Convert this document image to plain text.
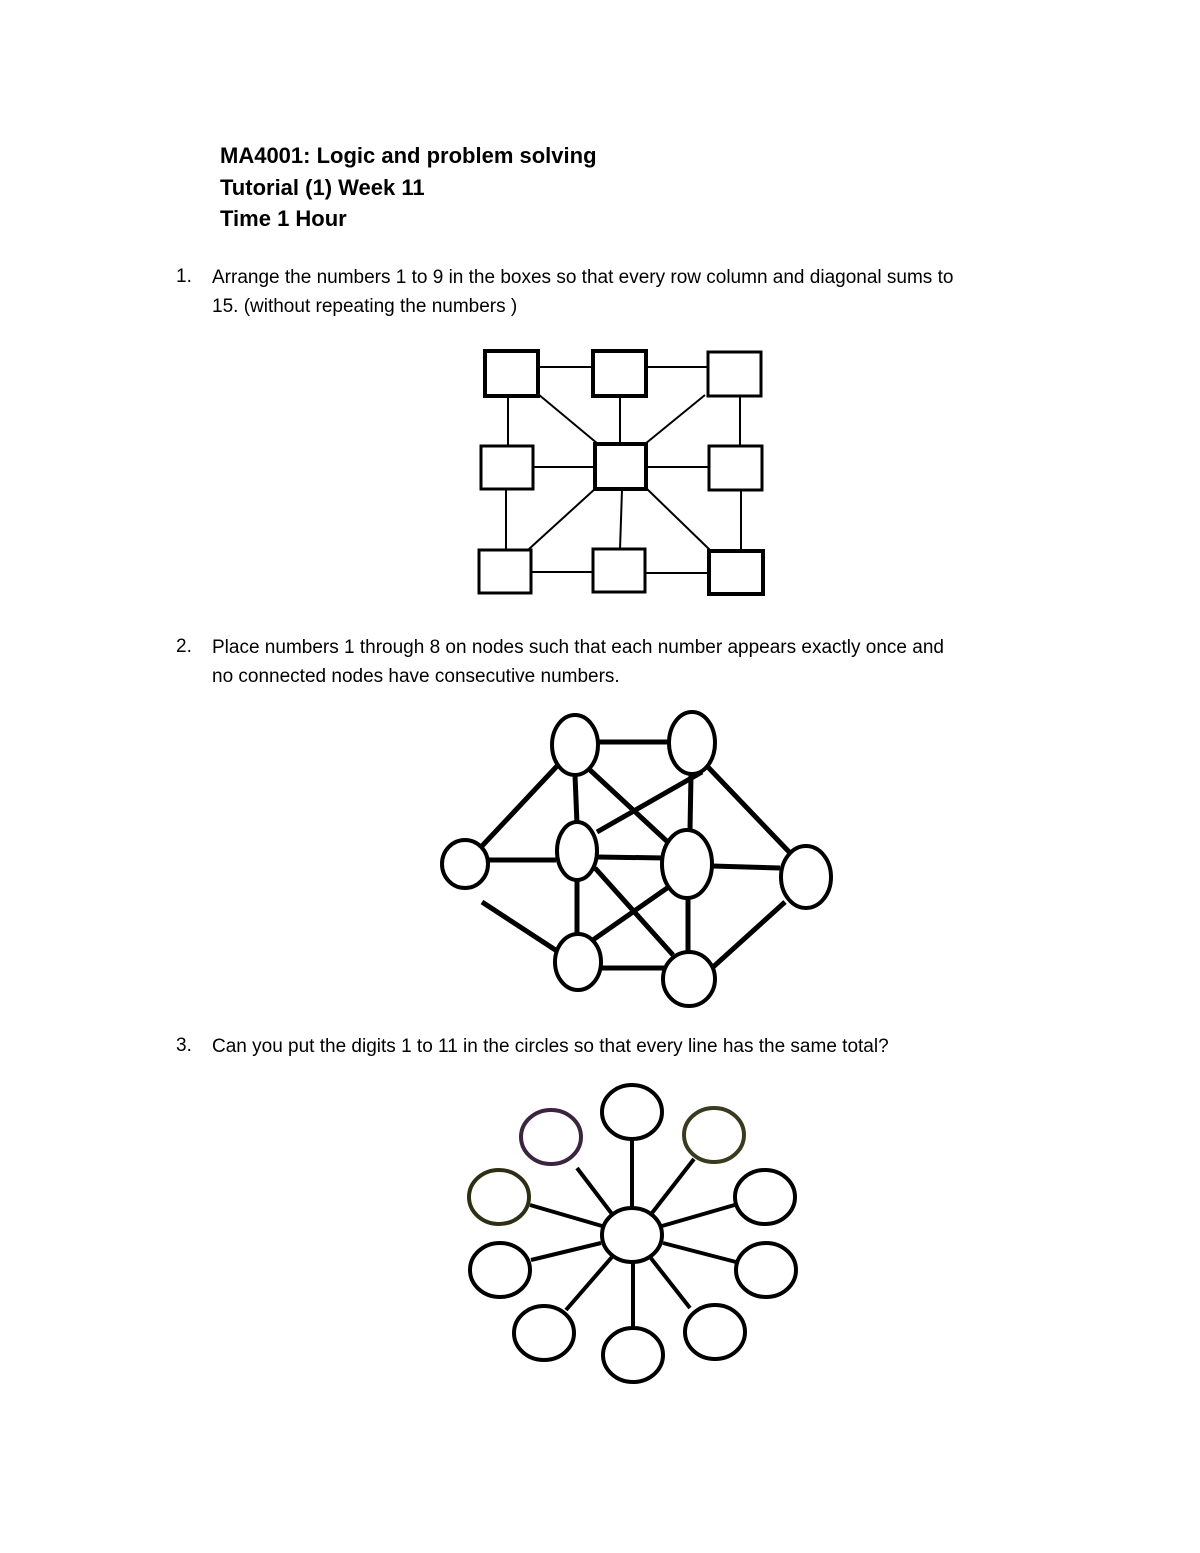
MA4001: Logic and problem solving
Tutorial (1) Week 11
Time 1 Hour
1. Arrange the numbers 1 to 9 in the boxes so that every row column and diagonal sums to
15. (without repeating the numbers )
2. Place numbers 1 through 8 on nodes such that each number appears exactly once and
no connected nodes have consecutive numbers.
3. Can you put the digits 1 to 11 in the circles so that every line has the same total?
